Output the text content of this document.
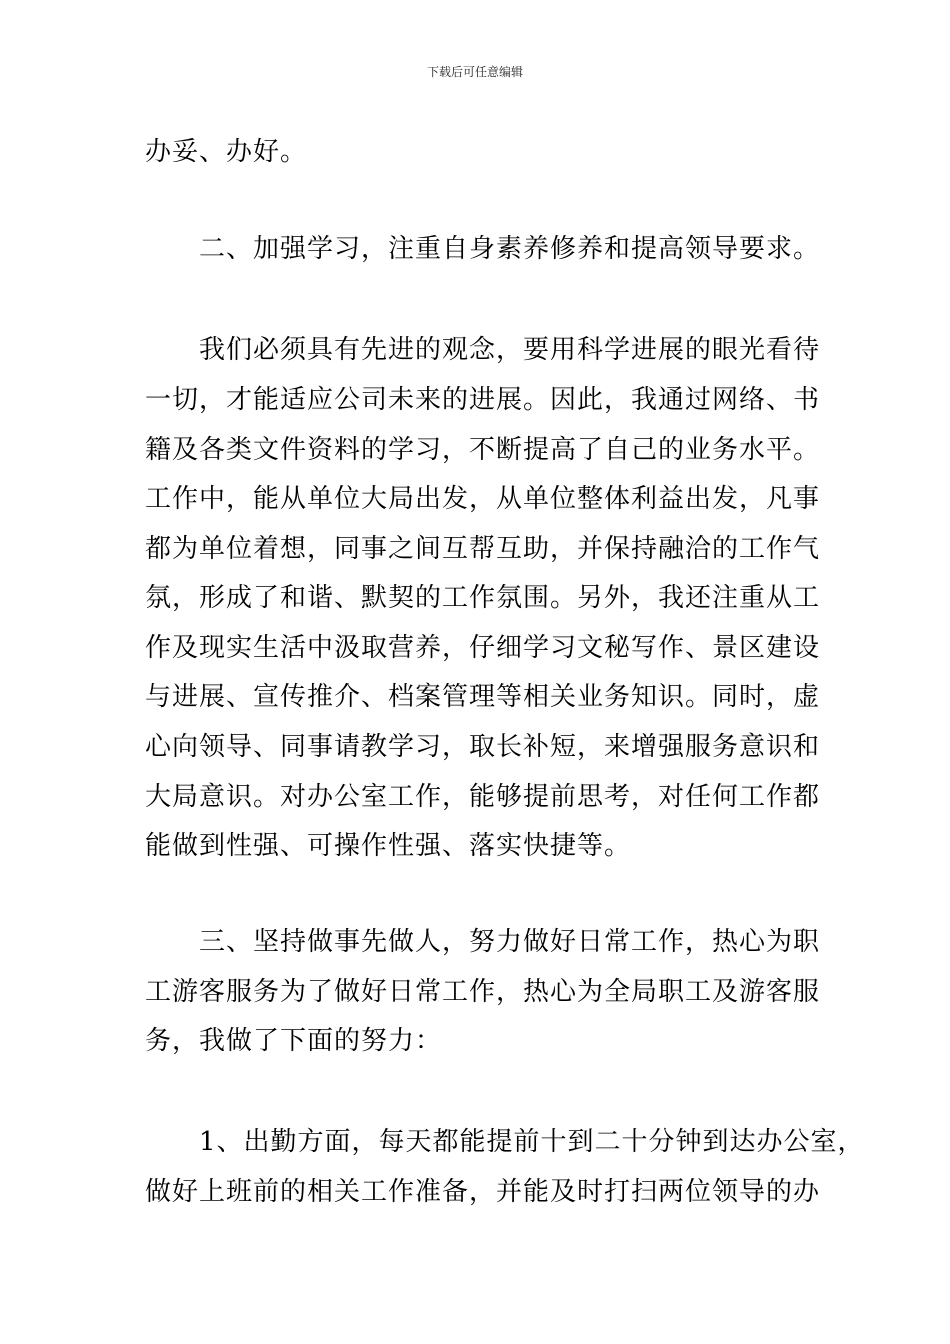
下载后可任意编辑
办妥、办好。
　　二、加强学习，注重自身素养修养和提高领导要求。
　　我们必须具有先进的观念，要用科学进展的眼光看待
一切，才能适应公司未来的进展。因此，我通过网络、书
籍及各类文件资料的学习，不断提高了自己的业务水平。
工作中，能从单位大局出发，从单位整体利益出发，凡事
都为单位着想，同事之间互帮互助，并保持融洽的工作气
氛，形成了和谐、默契的工作氛围。另外，我还注重从工
作及现实生活中汲取营养，仔细学习文秘写作、景区建设
与进展、宣传推介、档案管理等相关业务知识。同时，虚
心向领导、同事请教学习，取长补短，来增强服务意识和
大局意识。对办公室工作，能够提前思考，对任何工作都
能做到性强、可操作性强、落实快捷等。
　　三、坚持做事先做人，努力做好日常工作，热心为职
工游客服务为了做好日常工作，热心为全局职工及游客服
务，我做了下面的努力：
　　1、出勤方面，每天都能提前十到二十分钟到达办公室，
做好上班前的相关工作准备，并能及时打扫两位领导的办
